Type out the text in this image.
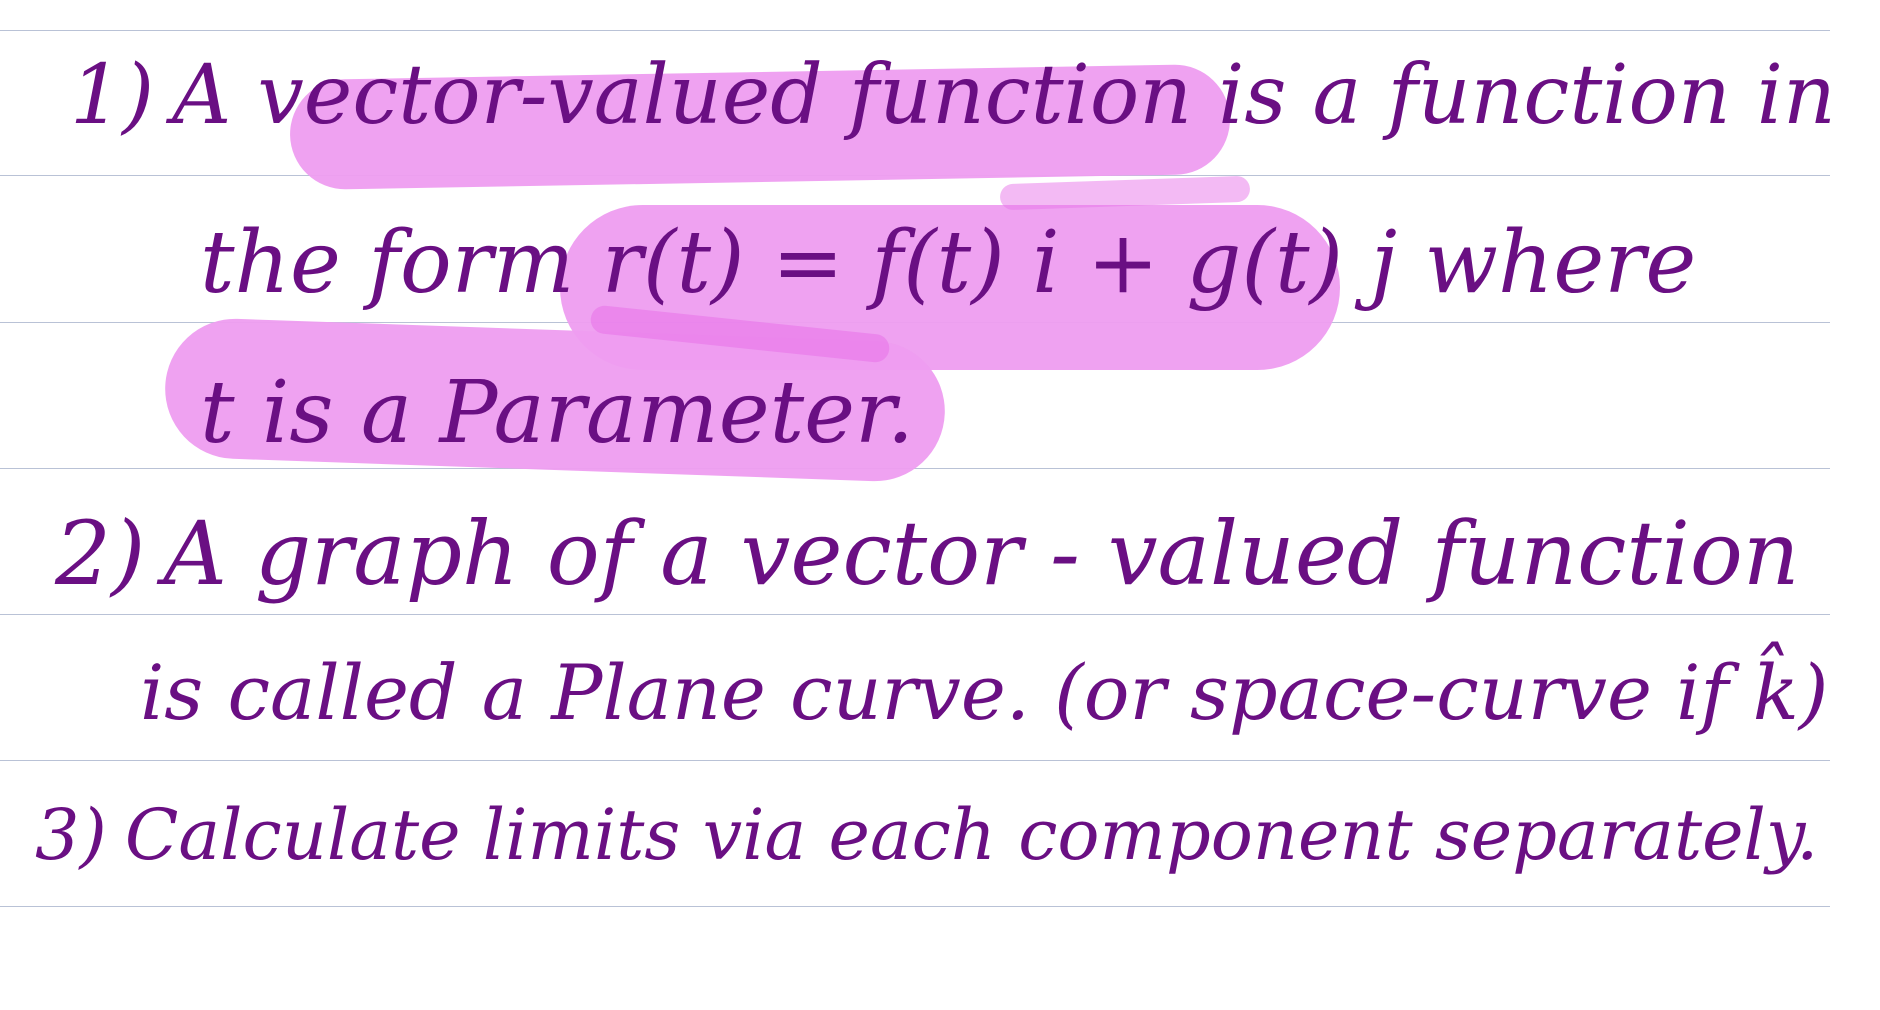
1) A vector-valued function is a function in
the form r(t) = f(t) i + g(t) j where
t is a Parameter.
2) A graph of a vector - valued function
is called a Plane curve. (or space-curve if k̂)
3) Calculate limits via each component separately.
